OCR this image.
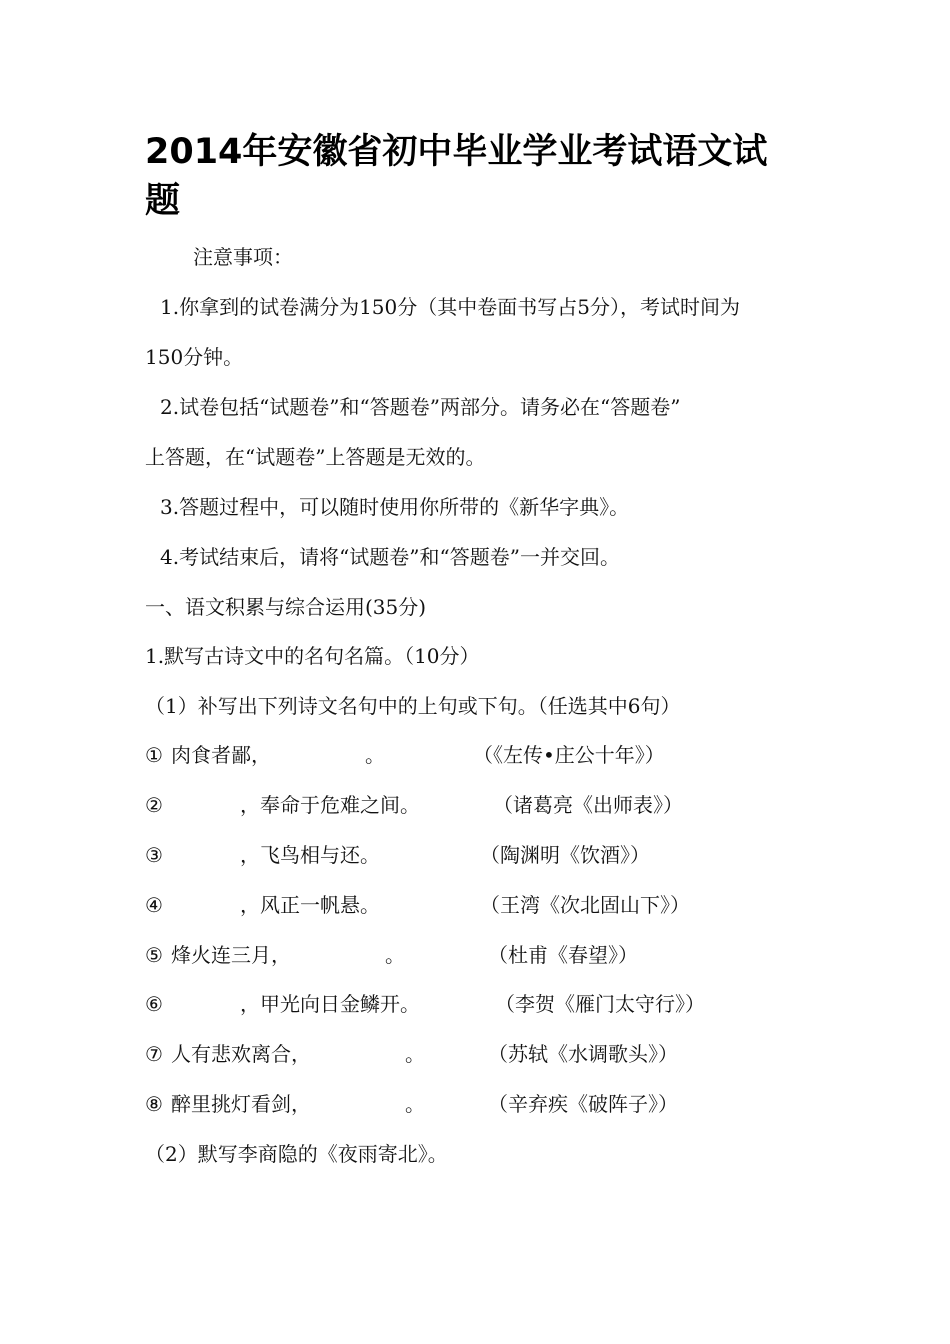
2014年安徽省初中毕业学业考试语文试
题
注意事项：
1.你拿到的试卷满分为150分（其中卷面书写占5分），考试时间为
150分钟。
2.试卷包括“试题卷”和“答题卷”两部分。请务必在“答题卷”
上答题，在“试题卷”上答题是无效的。
3.答题过程中，可以随时使用你所带的《新华字典》。
4.考试结束后，请将“试题卷”和“答题卷”一并交回。
一、语文积累与综合运用(35分)
1.默写古诗文中的名句名篇。（10分）
（1）补写出下列诗文名句中的上句或下句。（任选其中6句）
① 肉食者鄙，	。	（《左传•庄公十年》）
②	，奉命于危难之间。	（诸葛亮《出师表》）
③	，飞鸟相与还。	（陶渊明《饮酒》）
④	，风正一帆悬。	（王湾《次北固山下》）
⑤ 烽火连三月，	。	（杜甫《春望》）
⑥	，甲光向日金鳞开。	（李贺《雁门太守行》）
⑦ 人有悲欢离合，	。	（苏轼《水调歌头》）
⑧ 醉里挑灯看剑，	。	（辛弃疾《破阵子》）
（2）默写李商隐的《夜雨寄北》。
